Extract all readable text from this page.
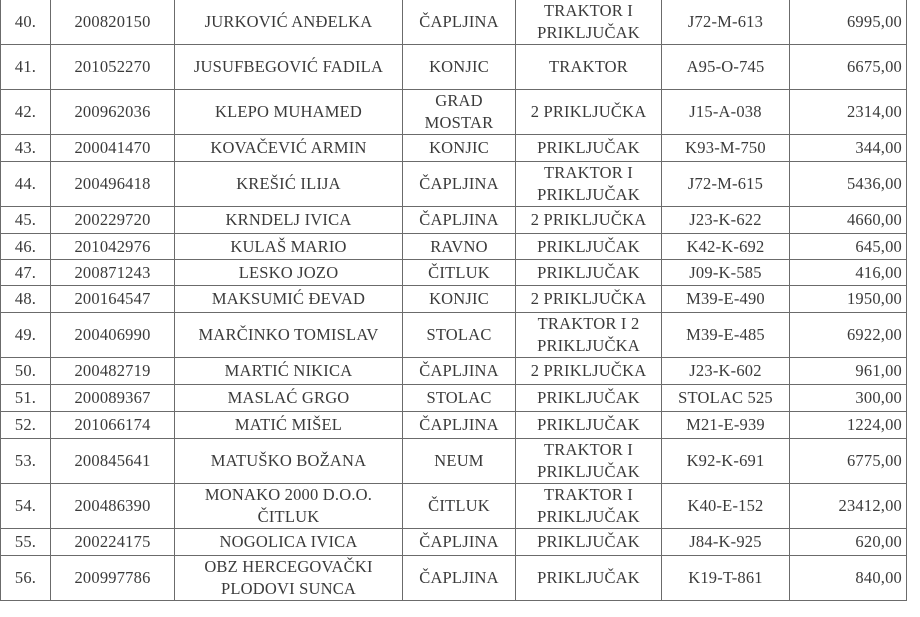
40.	200820150	JURKOVIĆ ANĐELKA	ČAPLJINA	TRAKTOR I PRIKLJUČAK	J72-M-613	6995,00
41.	201052270	JUSUFBEGOVIĆ FADILA	KONJIC	TRAKTOR	A95-O-745	6675,00
42.	200962036	KLEPO MUHAMED	GRAD MOSTAR	2 PRIKLJUČKA	J15-A-038	2314,00
43.	200041470	KOVAČEVIĆ ARMIN	KONJIC	PRIKLJUČAK	K93-M-750	344,00
44.	200496418	KREŠIĆ ILIJA	ČAPLJINA	TRAKTOR I PRIKLJUČAK	J72-M-615	5436,00
45.	200229720	KRNDELJ IVICA	ČAPLJINA	2 PRIKLJUČKA	J23-K-622	4660,00
46.	201042976	KULAŠ MARIO	RAVNO	PRIKLJUČAK	K42-K-692	645,00
47.	200871243	LESKO JOZO	ČITLUK	PRIKLJUČAK	J09-K-585	416,00
48.	200164547	MAKSUMIĆ ĐEVAD	KONJIC	2 PRIKLJUČKA	M39-E-490	1950,00
49.	200406990	MARČINKO TOMISLAV	STOLAC	TRAKTOR I 2 PRIKLJUČKA	M39-E-485	6922,00
50.	200482719	MARTIĆ NIKICA	ČAPLJINA	2 PRIKLJUČKA	J23-K-602	961,00
51.	200089367	MASLAĆ GRGO	STOLAC	PRIKLJUČAK	STOLAC 525	300,00
52.	201066174	MATIĆ MIŠEL	ČAPLJINA	PRIKLJUČAK	M21-E-939	1224,00
53.	200845641	MATUŠKO BOŽANA	NEUM	TRAKTOR I PRIKLJUČAK	K92-K-691	6775,00
54.	200486390	MONAKO 2000 D.O.O. ČITLUK	ČITLUK	TRAKTOR I PRIKLJUČAK	K40-E-152	23412,00
55.	200224175	NOGOLICA IVICA	ČAPLJINA	PRIKLJUČAK	J84-K-925	620,00
56.	200997786	OBZ HERCEGOVAČKI PLODOVI SUNCA	ČAPLJINA	PRIKLJUČAK	K19-T-861	840,00
